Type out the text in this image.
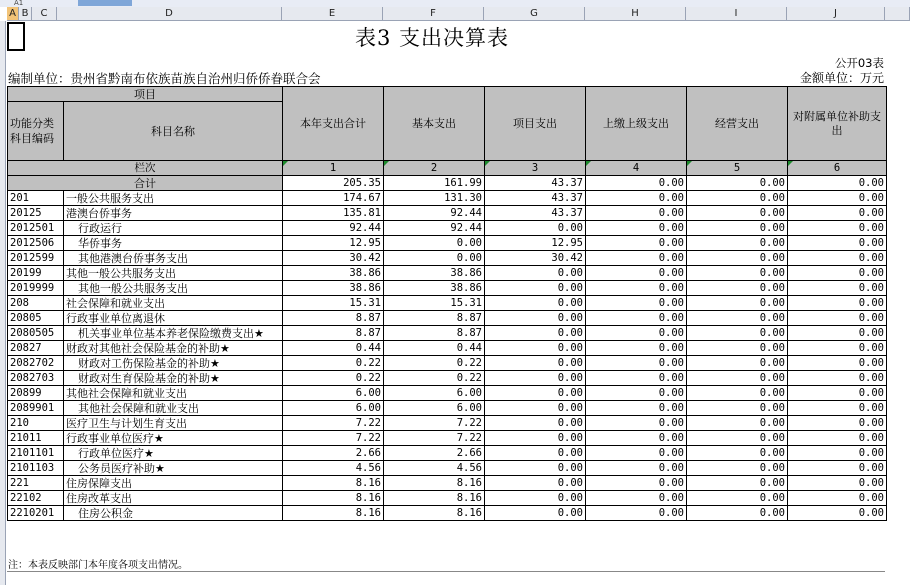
A1
A B	C	D	E	F	G	H	I	J
表3 支出决算表
公开03表
编制单位：贵州省黔南布依族苗族自治州归侨侨眷联合会	金额单位：万元
项目		本年支出合计	基本支出	项目支出	上缴上级支出	经营支出	对附属单位补助支出
功能分类科目编码	科目名称						
栏次		1	2	3	4	5	6
合计		205.35	161.99	43.37	0.00	0.00	0.00
201	一般公共服务支出	174.67	131.30	43.37	0.00	0.00	0.00
20125	港澳台侨事务	135.81	92.44	43.37	0.00	0.00	0.00
2012501	行政运行	92.44	92.44	0.00	0.00	0.00	0.00
2012506	华侨事务	12.95	0.00	12.95	0.00	0.00	0.00
2012599	其他港澳台侨事务支出	30.42	0.00	30.42	0.00	0.00	0.00
20199	其他一般公共服务支出	38.86	38.86	0.00	0.00	0.00	0.00
2019999	其他一般公共服务支出	38.86	38.86	0.00	0.00	0.00	0.00
208	社会保障和就业支出	15.31	15.31	0.00	0.00	0.00	0.00
20805	行政事业单位离退休	8.87	8.87	0.00	0.00	0.00	0.00
2080505	机关事业单位基本养老保险缴费支出★	8.87	8.87	0.00	0.00	0.00	0.00
20827	财政对其他社会保险基金的补助★	0.44	0.44	0.00	0.00	0.00	0.00
2082702	财政对工伤保险基金的补助★	0.22	0.22	0.00	0.00	0.00	0.00
2082703	财政对生育保险基金的补助★	0.22	0.22	0.00	0.00	0.00	0.00
20899	其他社会保障和就业支出	6.00	6.00	0.00	0.00	0.00	0.00
2089901	其他社会保障和就业支出	6.00	6.00	0.00	0.00	0.00	0.00
210	医疗卫生与计划生育支出	7.22	7.22	0.00	0.00	0.00	0.00
21011	行政事业单位医疗★	7.22	7.22	0.00	0.00	0.00	0.00
2101101	行政单位医疗★	2.66	2.66	0.00	0.00	0.00	0.00
2101103	公务员医疗补助★	4.56	4.56	0.00	0.00	0.00	0.00
221	住房保障支出	8.16	8.16	0.00	0.00	0.00	0.00
22102	住房改革支出	8.16	8.16	0.00	0.00	0.00	0.00
2210201	住房公积金	8.16	8.16	0.00	0.00	0.00	0.00
注：本表反映部门本年度各项支出情况。
